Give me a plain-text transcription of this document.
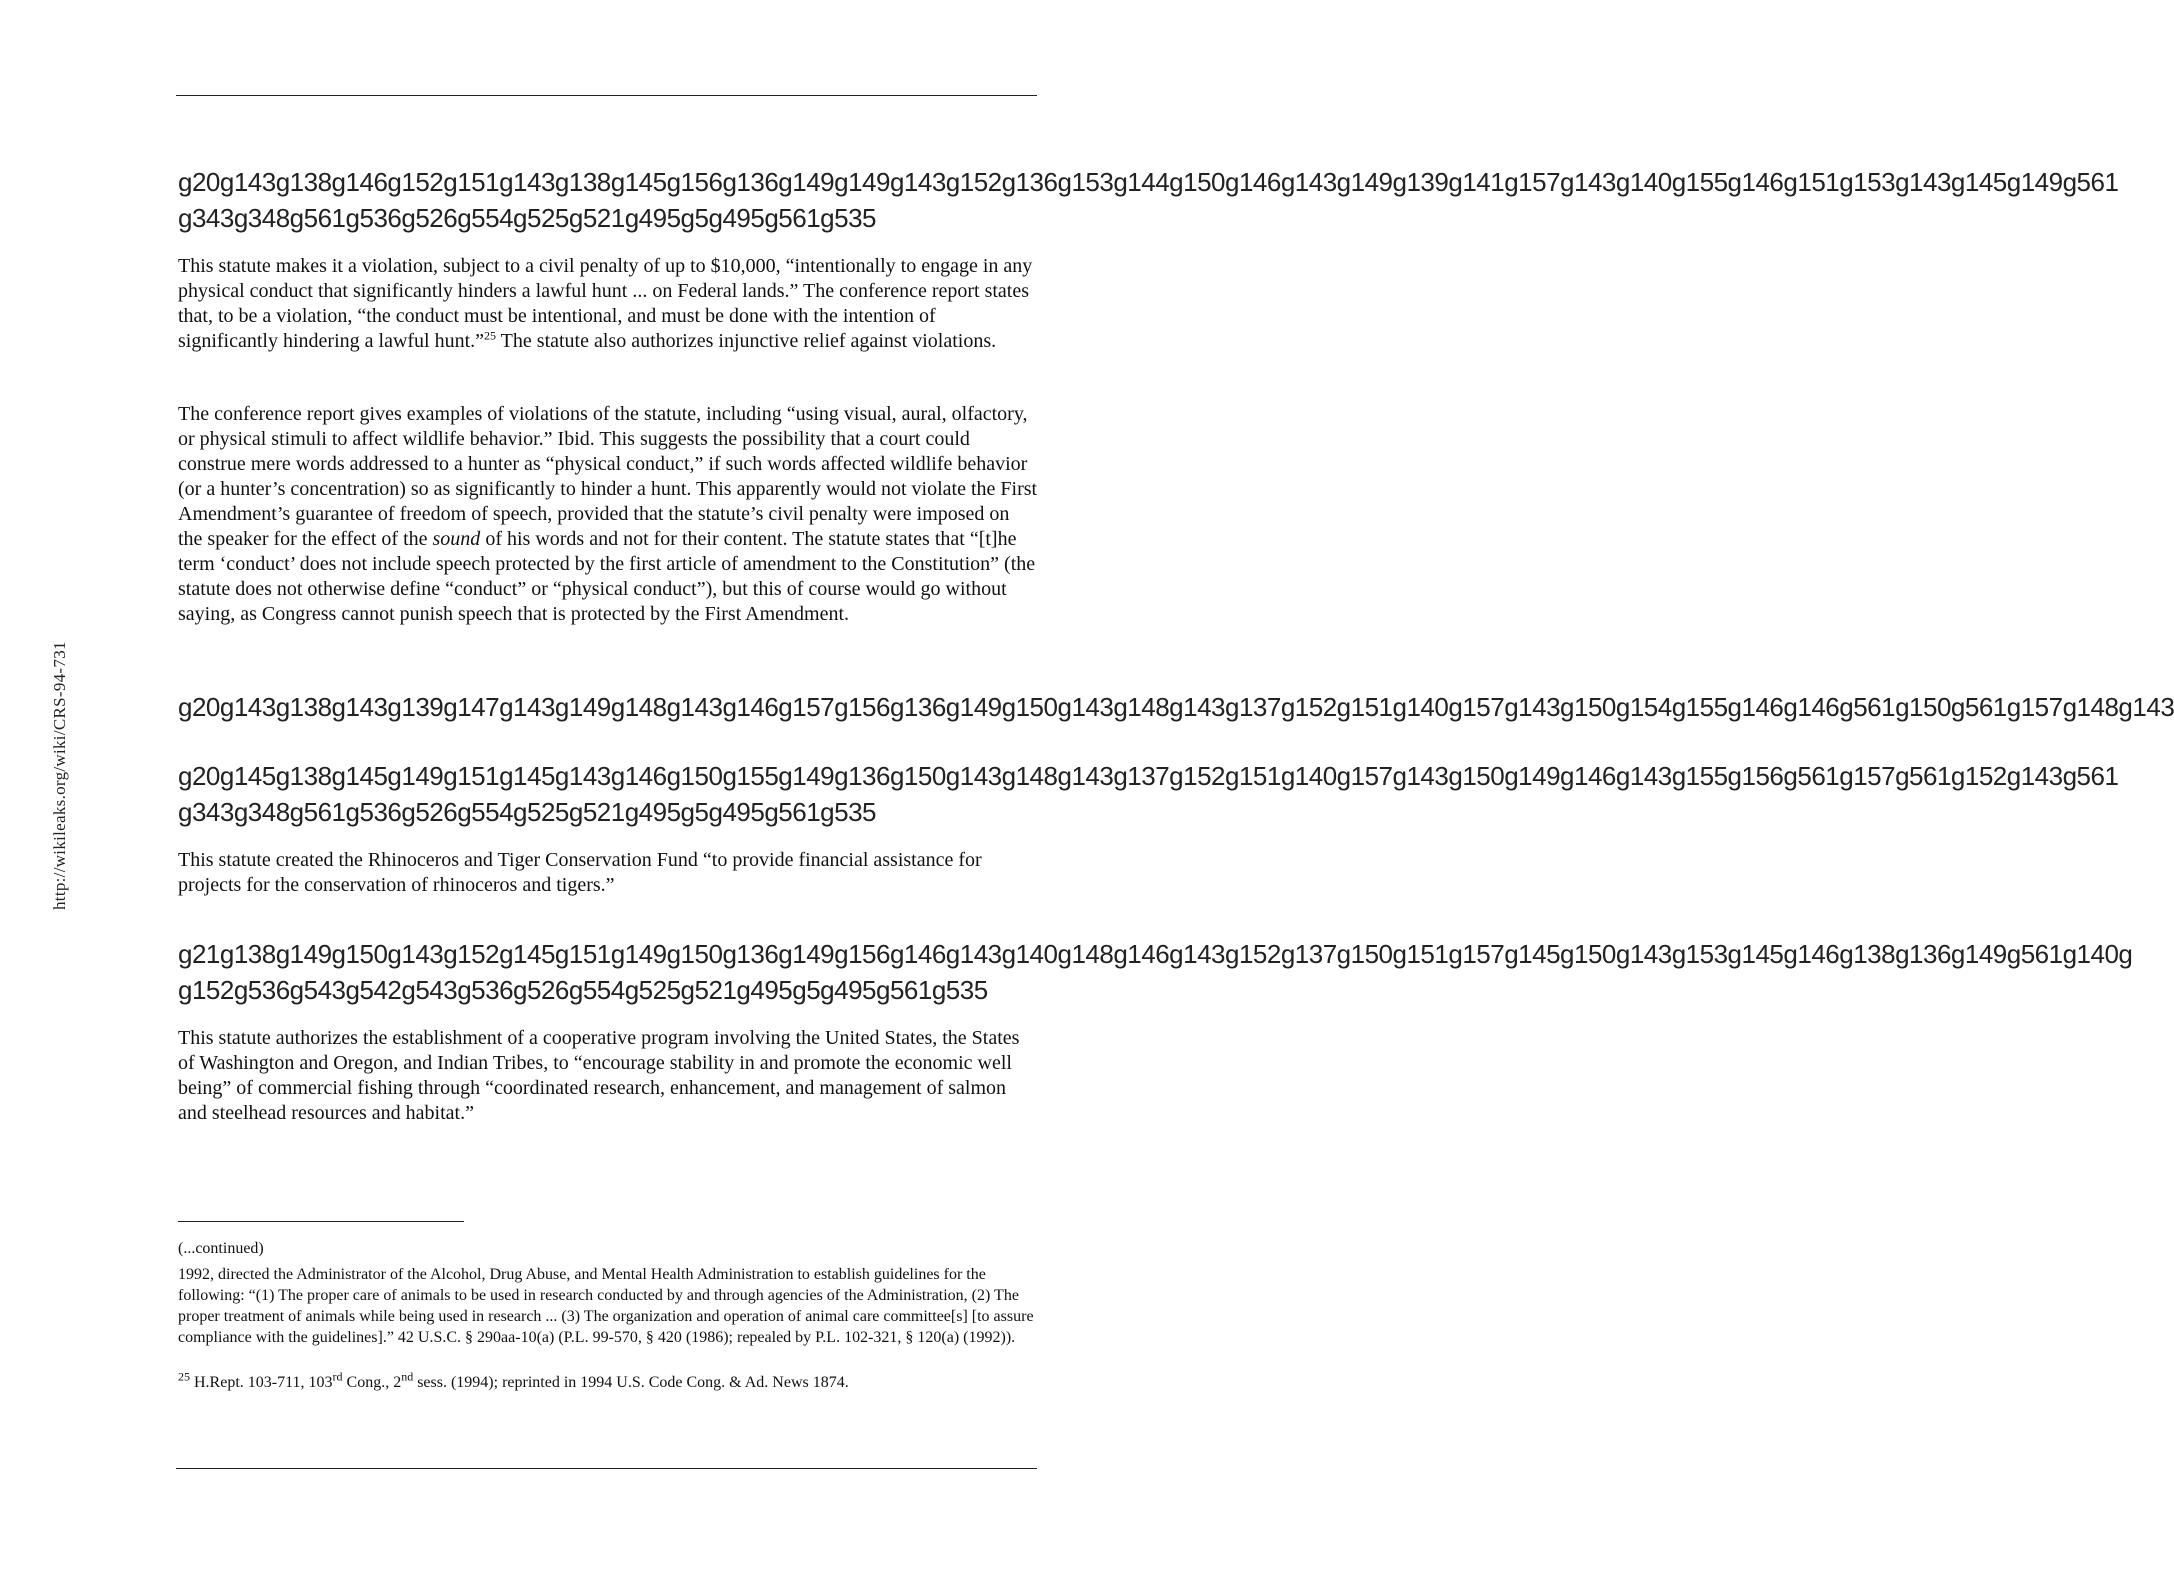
http://wikileaks.org/wiki/CRS-94-731
g20g143g138g146g152g151g143g138g145g156g136g149g149g143g152g136g153g144g150g146g143g149g139g141g157g143g140g155g146g151g153g143g145g149g561
g343g348g561g536g526g554g525g521g495g5g495g561g535

This statute makes it a violation, subject to a civil penalty of up to $10,000, “intentionally to engage in any physical conduct that significantly hinders a lawful hunt ... on Federal lands.” The conference report states that, to be a violation, “the conduct must be intentional, and must be done with the intention of significantly hindering a lawful hunt.”$^{25}$ The statute also authorizes injunctive relief against violations.

The conference report gives examples of violations of the statute, including “using visual, aural, olfactory, or physical stimuli to affect wildlife behavior.” Ibid. This suggests the possibility that a court could construe mere words addressed to a hunter as “physical conduct,” if such words affected wildlife behavior (or a hunter’s concentration) so as significantly to hinder a hunt. This apparently would not violate the First Amendment’s guarantee of freedom of speech, provided that the statute’s civil penalty were imposed on the speaker for the effect of the sound of his words and not for their content. The statute states that “[t]he term ‘conduct’ does not include speech protected by the first article of amendment to the Constitution” (the statute does not otherwise define “conduct” or “physical conduct”), but this of course would go without saying, as Congress cannot punish speech that is protected by the First Amendment.

g20g143g138g143g139g147g143g149g148g143g146g157g156g136g149g150g143g148g143g137g152g151g140g157g143g150g154g155g146g146g561g150g561g157g148g143
g20g145g138g145g149g151g145g143g146g150g155g149g136g150g143g148g143g137g152g151g140g157g143g150g149g146g143g155g156g561g157g561g152g143g561
g343g348g561g536g526g554g525g521g495g5g495g561g535

This statute created the Rhinoceros and Tiger Conservation Fund “to provide financial assistance for projects for the conservation of rhinoceros and tigers.”

g21g138g149g150g143g152g145g151g149g150g136g149g156g146g143g140g148g146g143g152g137g150g151g157g145g150g143g153g145g146g138g136g149g561g140g
g152g536g543g542g543g536g526g554g525g521g495g5g495g561g535

This statute authorizes the establishment of a cooperative program involving the United States, the States of Washington and Oregon, and Indian Tribes, to “encourage stability in and promote the economic well being” of commercial fishing through “coordinated research, enhancement, and management of salmon and steelhead resources and habitat.”

(...continued)

1992, directed the Administrator of the Alcohol, Drug Abuse, and Mental Health Administration to establish guidelines for the following: “(1) The proper care of animals to be used in research conducted by and through agencies of the Administration, (2) The proper treatment of animals while being used in research ... (3) The organization and operation of animal care committee[s] [to assure compliance with the guidelines].” 42 U.S.C. § 290aa-10(a) (P.L. 99-570, § 420 (1986); repealed by P.L. 102-321, § 120(a) (1992)).

$^{25}$ H.Rept. 103-711, 103rd Cong., 2nd sess. (1994); reprinted in 1994 U.S. Code Cong. & Ad. News 1874.
